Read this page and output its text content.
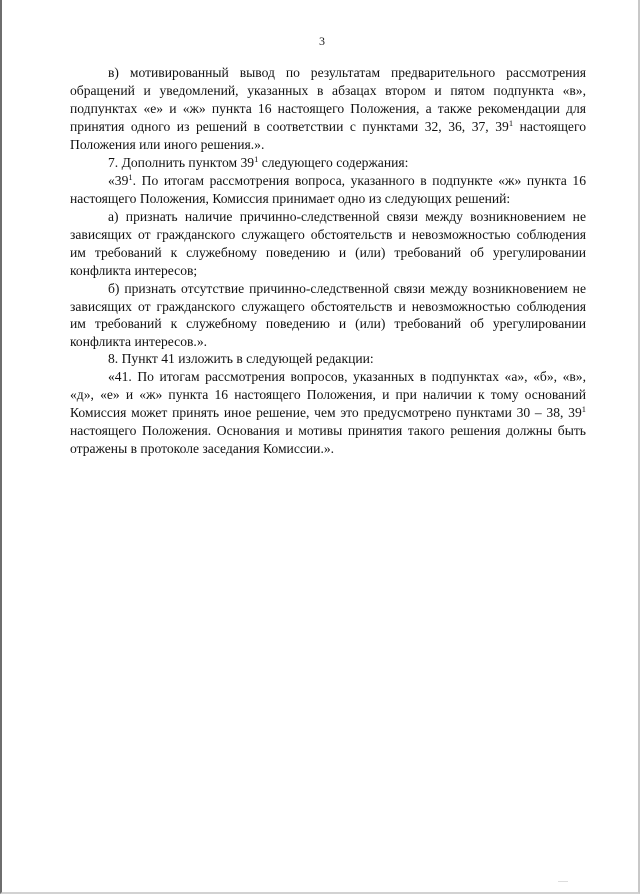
3

в) мотивированный вывод по результатам предварительного рассмотрения обращений и уведомлений, указанных в абзацах втором и пятом подпункта «в», подпунктах «е» и «ж» пункта 16 настоящего Положения, а также рекомендации для принятия одного из решений в соответствии с пунктами 32, 36, 37, $39^1$ настоящего Положения или иного решения.».

7. Дополнить пунктом $39^1$ следующего содержания:

«$39^1$. По итогам рассмотрения вопроса, указанного в подпункте «ж» пункта 16 настоящего Положения, Комиссия принимает одно из следующих решений:

а) признать наличие причинно-следственной связи между возникновением не зависящих от гражданского служащего обстоятельств и невозможностью соблюдения им требований к служебному поведению и (или) требований об урегулировании конфликта интересов;

б) признать отсутствие причинно-следственной связи между возникновением не зависящих от гражданского служащего обстоятельств и невозможностью соблюдения им требований к служебному поведению и (или) требований об урегулировании конфликта интересов.».

8. Пункт 41 изложить в следующей редакции:

«41. По итогам рассмотрения вопросов, указанных в подпунктах «а», «б», «в», «д», «е» и «ж» пункта 16 настоящего Положения, и при наличии к тому оснований Комиссия может принять иное решение, чем это предусмотрено пунктами 30 – 38, $39^1$ настоящего Положения. Основания и мотивы принятия такого решения должны быть отражены в протоколе заседания Комиссии.».
